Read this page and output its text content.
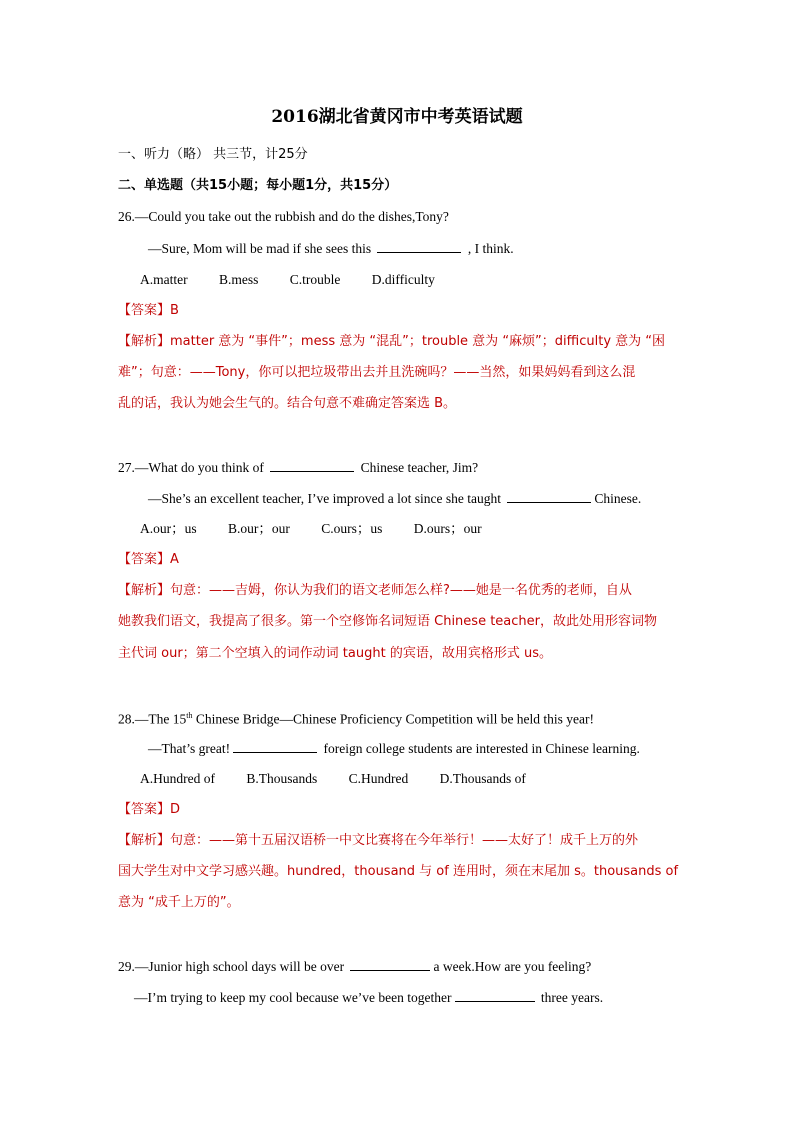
2016湖北省黄冈市中考英语试题
一、听力（略） 共三节，计25分
二、单选题（共15小题；每小题1分，共15分）
26.—Could you take out the rubbish and do the dishes,Tony?
—Sure, Mom will be mad if she sees this	, I think.
A.matter B.mess C.trouble D.difficulty
【答案】B
【解析】matter 意为 “事件”；mess 意为 “混乱”；trouble 意为 “麻烦”；difficulty 意为 “困
难”；句意：——Tony，你可以把垃圾带出去并且洗碗吗？——当然，如果妈妈看到这么混
乱的话，我认为她会生气的。结合句意不难确定答案选 B。
27.—What do you think of	Chinese teacher, Jim?
—She’s an excellent teacher, I’ve improved a lot since she taught	Chinese.
A.our；us B.our；our C.ours；us D.ours；our
【答案】A
【解析】句意：——吉姆，你认为我们的语文老师怎么样?——她是一名优秀的老师，自从
她教我们语文，我提高了很多。第一个空修饰名词短语 Chinese teacher，故此处用形容词物
主代词 our；第二个空填入的词作动词 taught 的宾语，故用宾格形式 us。
28.—The 15th Chinese Bridge—Chinese Proficiency Competition will be held this year!
—That’s great!	foreign college students are interested in Chinese learning.
A.Hundred of B.Thousands C.Hundred D.Thousands of
【答案】D
【解析】句意：——第十五届汉语桥一中文比赛将在今年举行！——太好了！成千上万的外
国大学生对中文学习感兴趣。hundred，thousand 与 of 连用时，须在末尾加 s。thousands of
意为 “成千上万的”。
29.—Junior high school days will be over	a week.How are you feeling?
—I’m trying to keep my cool because we’ve been together	three years.
